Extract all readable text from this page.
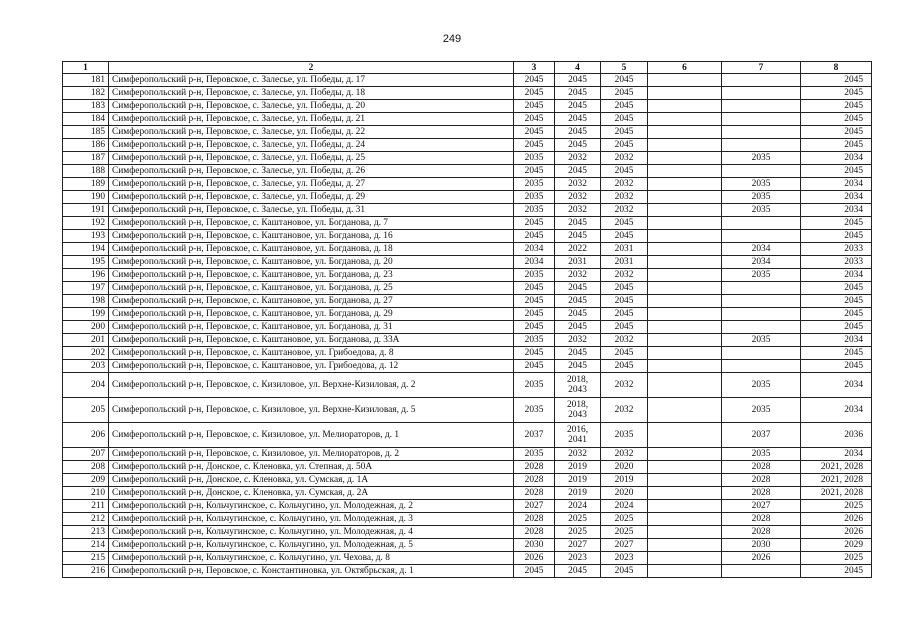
249
1	2	3	4	5	6	7	8
181	Симферопольский р-н, Перовское, с. Залесье, ул. Победы, д. 17	2045	2045	2045			2045
182	Симферопольский р-н, Перовское, с. Залесье, ул. Победы, д. 18	2045	2045	2045			2045
183	Симферопольский р-н, Перовское, с. Залесье, ул. Победы, д. 20	2045	2045	2045			2045
184	Симферопольский р-н, Перовское, с. Залесье, ул. Победы, д. 21	2045	2045	2045			2045
185	Симферопольский р-н, Перовское, с. Залесье, ул. Победы, д. 22	2045	2045	2045			2045
186	Симферопольский р-н, Перовское, с. Залесье, ул. Победы, д. 24	2045	2045	2045			2045
187	Симферопольский р-н, Перовское, с. Залесье, ул. Победы, д. 25	2035	2032	2032		2035	2034
188	Симферопольский р-н, Перовское, с. Залесье, ул. Победы, д. 26	2045	2045	2045			2045
189	Симферопольский р-н, Перовское, с. Залесье, ул. Победы, д. 27	2035	2032	2032		2035	2034
190	Симферопольский р-н, Перовское, с. Залесье, ул. Победы, д. 29	2035	2032	2032		2035	2034
191	Симферопольский р-н, Перовское, с. Залесье, ул. Победы, д. 31	2035	2032	2032		2035	2034
192	Симферопольский р-н, Перовское, с. Каштановое, ул. Богданова, д. 7	2045	2045	2045			2045
193	Симферопольский р-н, Перовское, с. Каштановое, ул. Богданова, д. 16	2045	2045	2045			2045
194	Симферопольский р-н, Перовское, с. Каштановое, ул. Богданова, д. 18	2034	2022	2031		2034	2033
195	Симферопольский р-н, Перовское, с. Каштановое, ул. Богданова, д. 20	2034	2031	2031		2034	2033
196	Симферопольский р-н, Перовское, с. Каштановое, ул. Богданова, д. 23	2035	2032	2032		2035	2034
197	Симферопольский р-н, Перовское, с. Каштановое, ул. Богданова, д. 25	2045	2045	2045			2045
198	Симферопольский р-н, Перовское, с. Каштановое, ул. Богданова, д. 27	2045	2045	2045			2045
199	Симферопольский р-н, Перовское, с. Каштановое, ул. Богданова, д. 29	2045	2045	2045			2045
200	Симферопольский р-н, Перовское, с. Каштановое, ул. Богданова, д. 31	2045	2045	2045			2045
201	Симферопольский р-н, Перовское, с. Каштановое, ул. Богданова, д. 33А	2035	2032	2032		2035	2034
202	Симферопольский р-н, Перовское, с. Каштановое, ул. Грибоедова, д. 8	2045	2045	2045			2045
203	Симферопольский р-н, Перовское, с. Каштановое, ул. Грибоедова, д. 12	2045	2045	2045			2045
204	Симферопольский р-н, Перовское, с. Кизиловое, ул. Верхне-Кизиловая, д. 2	2035	2018, 2043	2032		2035	2034
205	Симферопольский р-н, Перовское, с. Кизиловое, ул. Верхне-Кизиловая, д. 5	2035	2018, 2043	2032		2035	2034
206	Симферопольский р-н, Перовское, с. Кизиловое, ул. Мелиораторов, д. 1	2037	2016, 2041	2035		2037	2036
207	Симферопольский р-н, Перовское, с. Кизиловое, ул. Мелиораторов, д. 2	2035	2032	2032		2035	2034
208	Симферопольский р-н, Донское, с. Кленовка, ул. Степная, д. 50А	2028	2019	2020		2028	2021, 2028
209	Симферопольский р-н, Донское, с. Кленовка, ул. Сумская, д. 1А	2028	2019	2019		2028	2021, 2028
210	Симферопольский р-н, Донское, с. Кленовка, ул. Сумская, д. 2А	2028	2019	2020		2028	2021, 2028
211	Симферопольский р-н, Кольчугинское, с. Кольчугино, ул. Молодежная, д. 2	2027	2024	2024		2027	2025
212	Симферопольский р-н, Кольчугинское, с. Кольчугино, ул. Молодежная, д. 3	2028	2025	2025		2028	2026
213	Симферопольский р-н, Кольчугинское, с. Кольчугино, ул. Молодежная, д. 4	2028	2025	2025		2028	2026
214	Симферопольский р-н, Кольчугинское, с. Кольчугино, ул. Молодежная, д. 5	2030	2027	2027		2030	2029
215	Симферопольский р-н, Кольчугинское, с. Кольчугино, ул. Чехова, д. 8	2026	2023	2023		2026	2025
216	Симферопольский р-н, Перовское, с. Константиновка, ул. Октябрьская, д. 1	2045	2045	2045			2045
